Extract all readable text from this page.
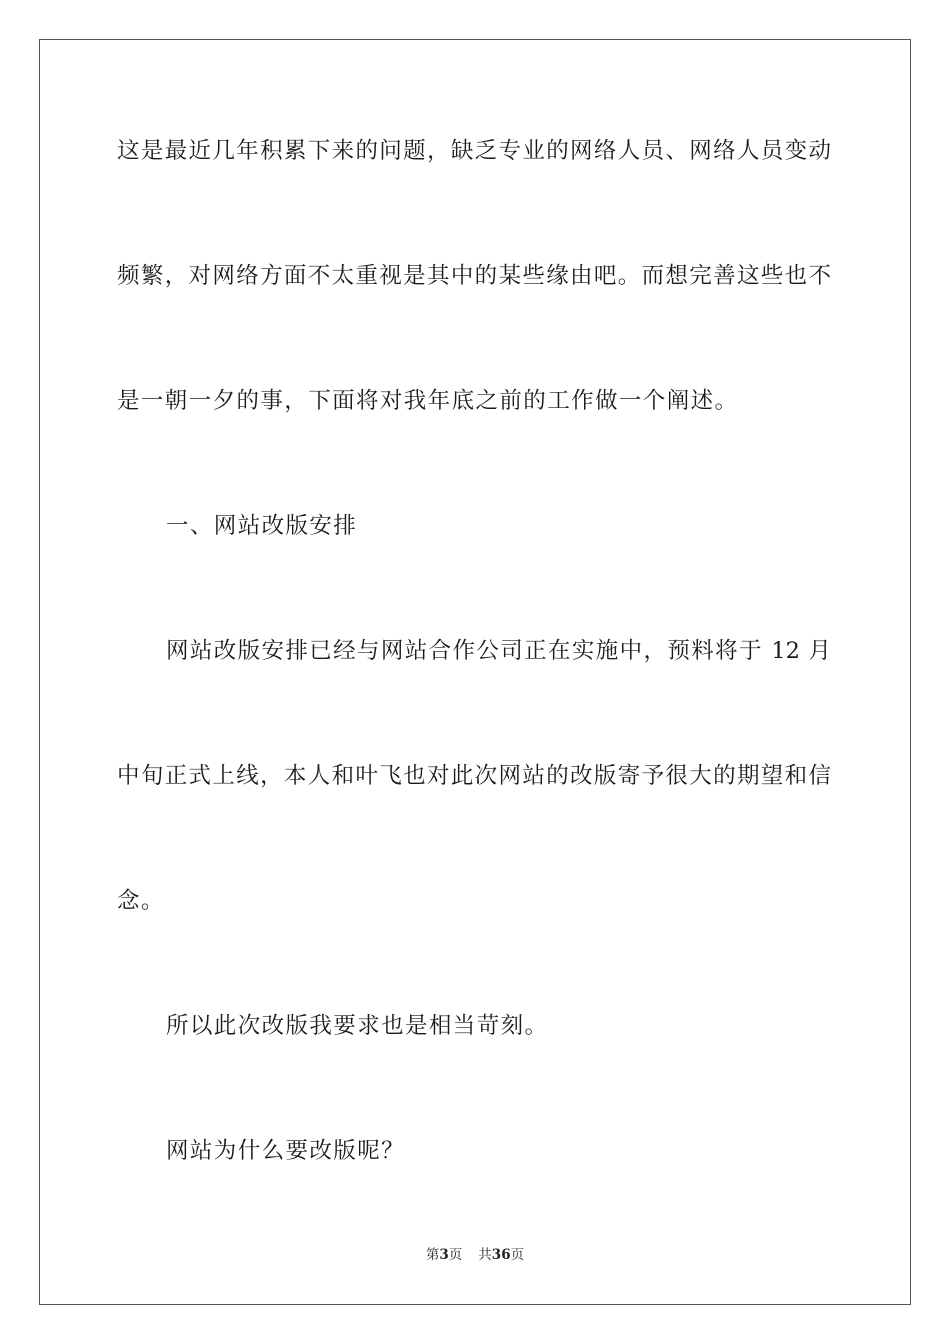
这是最近几年积累下来的问题，缺乏专业的网络人员、网络人员变动
频繁，对网络方面不太重视是其中的某些缘由吧。而想完善这些也不
是一朝一夕的事，下面将对我年底之前的工作做一个阐述。
一、网站改版安排
网站改版安排已经与网站合作公司正在实施中，预料将于 12 月
中旬正式上线，本人和叶飞也对此次网站的改版寄予很大的期望和信
念。
所以此次改版我要求也是相当苛刻。
网站为什么要改版呢？
第3页 共36页
